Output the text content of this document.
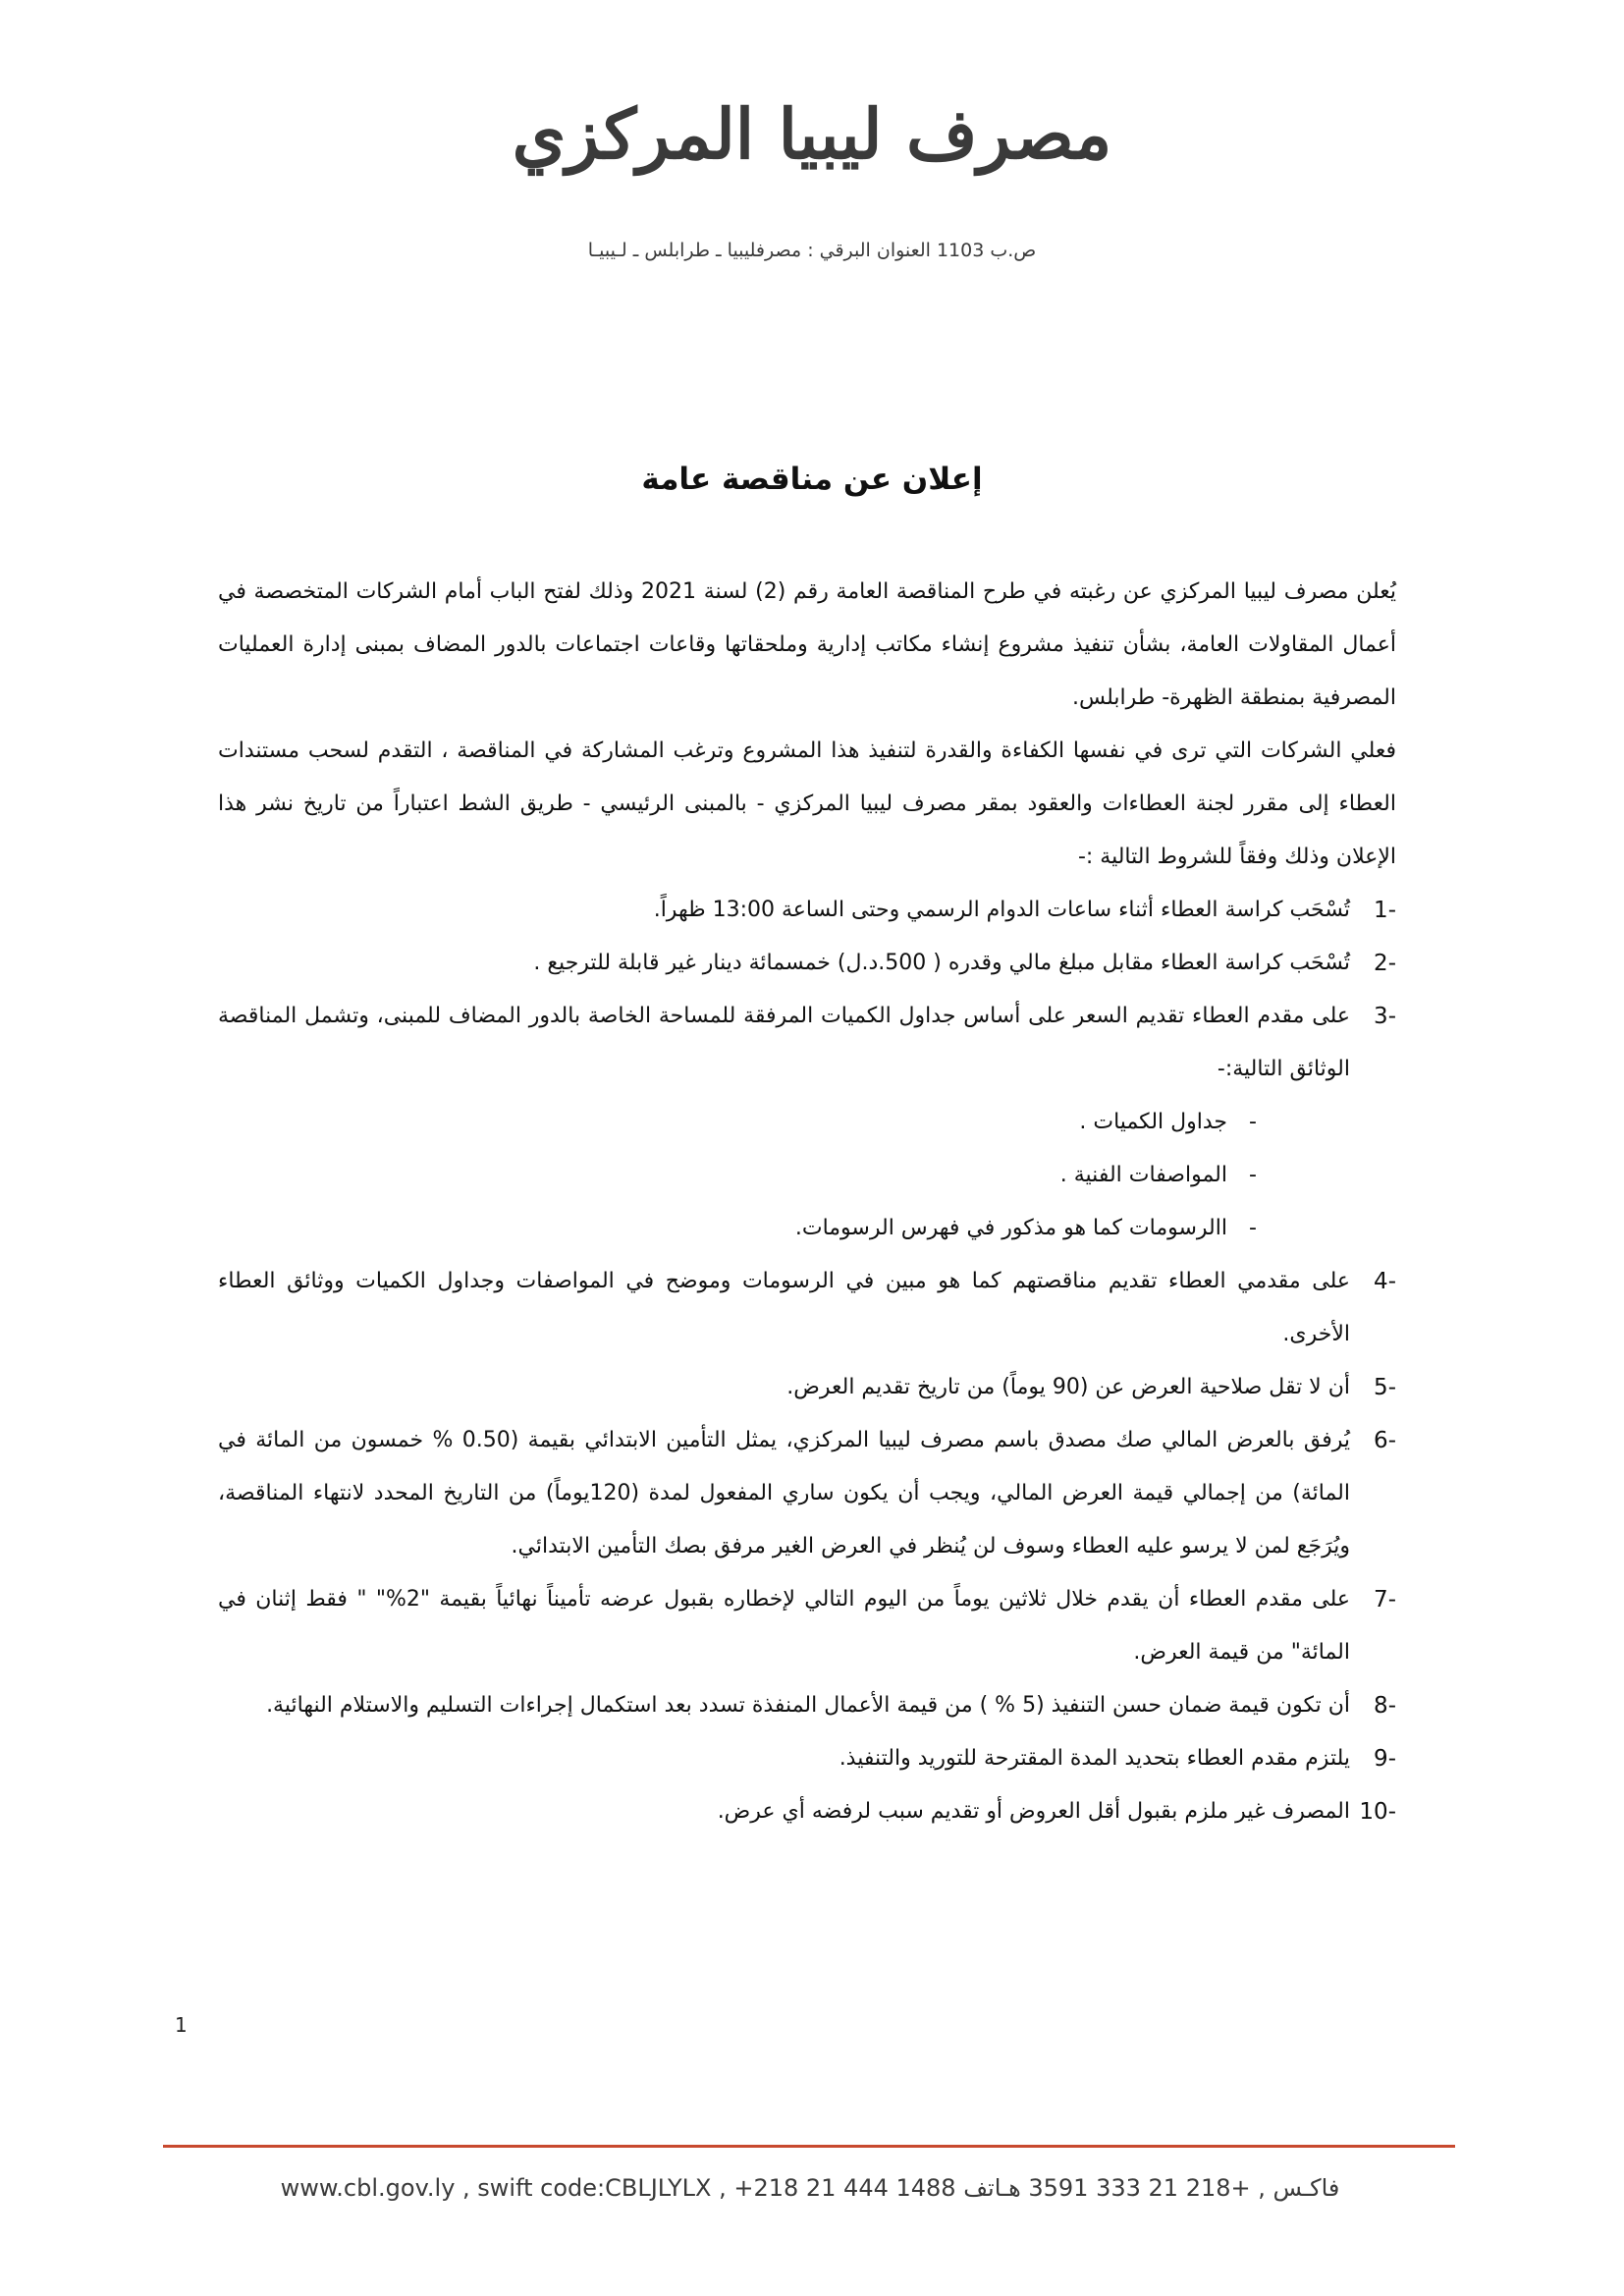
مصرف ليبيا المركزي
ص.ب 1103 العنوان البرقي : مصرفليبيا ـ طرابلس ـ لـيبيـا
إعلان عن مناقصة عامة

يُعلن مصرف ليبيا المركزي عن رغبته في طرح المناقصة العامة رقم (2) لسنة 2021 وذلك لفتح الباب أمام الشركات المتخصصة في أعمال المقاولات العامة، بشأن تنفيذ مشروع إنشاء مكاتب إدارية وملحقاتها وقاعات اجتماعات بالدور المضاف بمبنى إدارة العمليات المصرفية بمنطقة الظهرة- طرابلس.

فعلي الشركات التي ترى في نفسها الكفاءة والقدرة لتنفيذ هذا المشروع وترغب المشاركة في المناقصة ، التقدم لسحب مستندات العطاء إلى مقرر لجنة العطاءات والعقود بمقر مصرف ليبيا المركزي - بالمبنى الرئيسي - طريق الشط اعتباراً من تاريخ نشر هذا الإعلان وذلك وفقاً للشروط التالية :-

-1
تُسْحَب كراسة العطاء أثناء ساعات الدوام الرسمي وحتى الساعة 13:00 ظهراً.
-2
تُسْحَب كراسة العطاء مقابل مبلغ مالي وقدره ( 500.د.ل) خمسمائة دينار غير قابلة للترجيع .
-3
على مقدم العطاء تقديم السعر على أساس جداول الكميات المرفقة للمساحة الخاصة بالدور المضاف للمبنى، وتشمل المناقصة الوثائق التالية:-
-
جداول الكميات .
-
المواصفات الفنية .
-
االرسومات كما هو مذكور في فهرس الرسومات.
-4
على مقدمي العطاء تقديم مناقصتهم كما هو مبين في الرسومات وموضح في المواصفات وجداول الكميات ووثائق العطاء الأخرى.
-5
أن لا تقل صلاحية العرض عن (90 يوماً) من تاريخ تقديم العرض.
-6
يُرفق بالعرض المالي صك مصدق باسم مصرف ليبيا المركزي، يمثل التأمين الابتدائي بقيمة (0.50 % خمسون من المائة في المائة) من إجمالي قيمة العرض المالي، ويجب أن يكون ساري المفعول لمدة (120يوماً) من التاريخ المحدد لانتهاء المناقصة، ويُرَجَع لمن لا يرسو عليه العطاء وسوف لن يُنظر في العرض الغير مرفق بصك التأمين الابتدائي.
-7
على مقدم العطاء أن يقدم خلال ثلاثين يوماً من اليوم التالي لإخطاره بقبول عرضه تأميناً نهائياً بقيمة "2%" " فقط إثنان في المائة" من قيمة العرض.
-8
أن تكون قيمة ضمان حسن التنفيذ (5 % ) من قيمة الأعمال المنفذة تسدد بعد استكمال إجراءات التسليم والاستلام النهائية.
-9
يلتزم مقدم العطاء بتحديد المدة المقترحة للتوريد والتنفيذ.
-10
المصرف غير ملزم بقبول أقل العروض أو تقديم سبب لرفضه أي عرض.
1
www.cbl.gov.ly , swift code:CBLJLYLX , +218 21 444 1488 فاكـس , +218 21 333 3591 هـاتف
